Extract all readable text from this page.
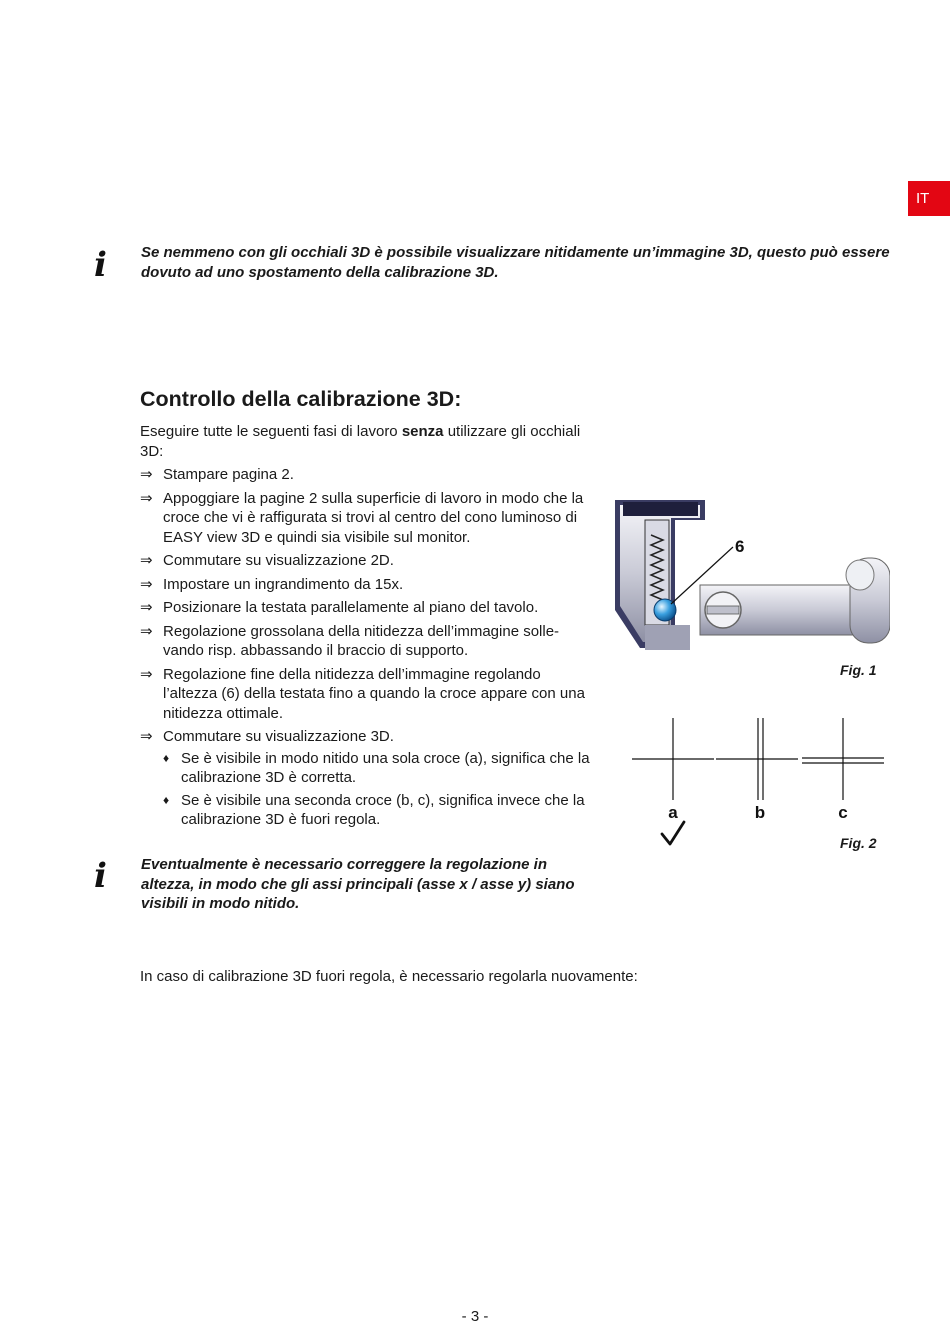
IT
i Se nemmeno con gli occhiali 3D è possibile visualizzare nitidamente un’immagine 3D, questo può essere dovuto ad uno spostamento della calibrazione 3D.
Controllo della calibrazione 3D:

Eseguire tutte le seguenti fasi di lavoro senza utilizzare gli occhiali 3D:

⇒ Stampare pagina 2.
⇒ Appoggiare la pagine 2 sulla superficie di lavoro in modo che la croce che vi è raffigurata si trovi al centro del cono luminoso di EASY view 3D e quindi sia visibile sul monitor.
⇒ Commutare su visualizzazione 2D.
⇒ Impostare un ingrandimento da 15x.
⇒ Posizionare la testata parallelamente al piano del tavolo.
⇒ Regolazione grossolana della nitidezza dell’immagine solle-vando risp. abbassando il braccio di supporto.
⇒ Regolazione fine della nitidezza dell’immagine regolando l’altezza (6) della testata fino a quando la croce appare con una nitidezza ottimale.
⇒ Commutare su visualizzazione 3D.
♦ Se è visibile in modo nitido una sola croce (a), significa che la calibrazione 3D è corretta.
♦ Se è visibile una seconda croce (b, c), significa invece che la calibrazione 3D è fuori regola.
6
Fig. 1
a	b	c
Fig. 2
i Eventualmente è necessario correggere la regolazione in altezza, in modo che gli assi principali (asse x / asse y) siano visibili in modo nitido.

In caso di calibrazione 3D fuori regola, è necessario regolarla nuovamente:

- 3 -
